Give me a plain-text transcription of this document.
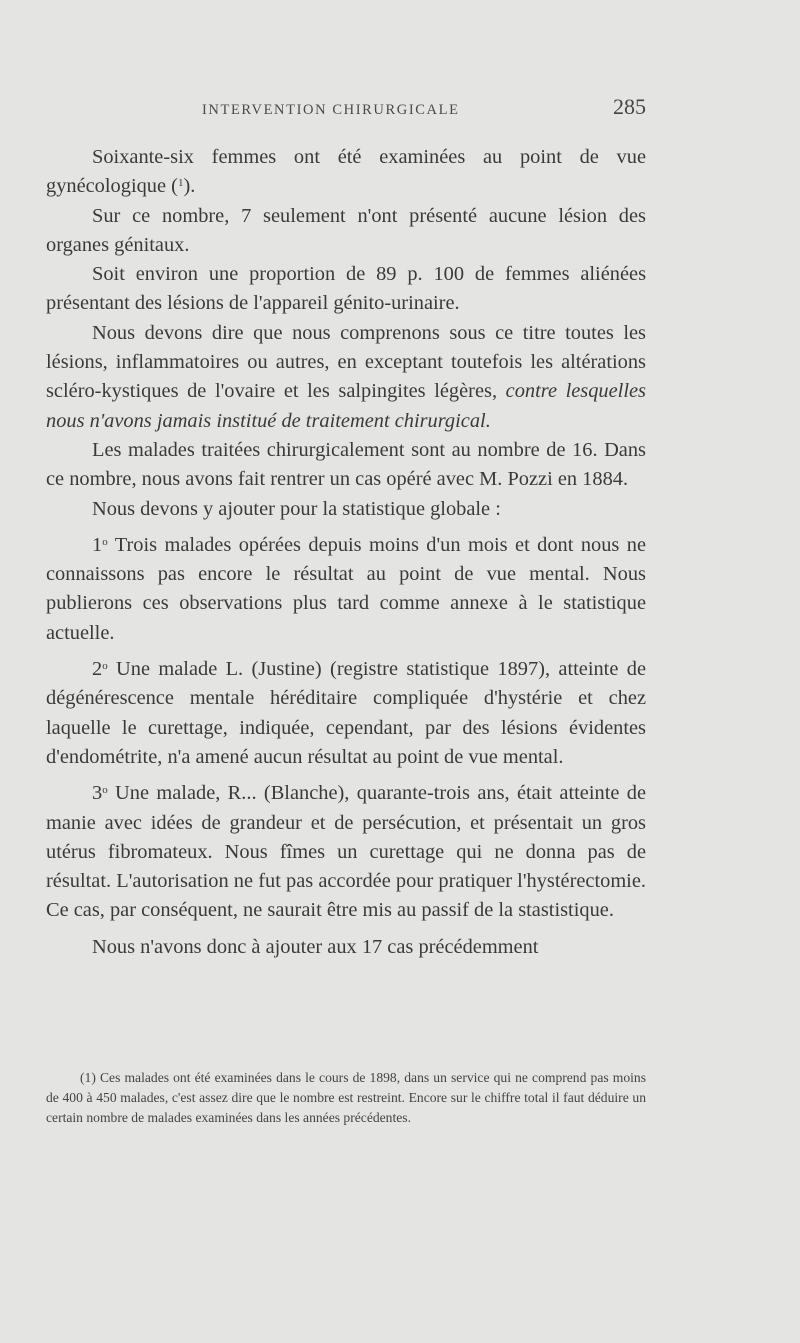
INTERVENTION CHIRURGICALE	285

Soixante-six femmes ont été examinées au point de vue gynécologique ($^1$).

Sur ce nombre, 7 seulement n'ont présenté aucune lésion des organes génitaux.

Soit environ une proportion de 89 p. 100 de femmes aliénées présentant des lésions de l'appareil génito-urinaire.

Nous devons dire que nous comprenons sous ce titre toutes les lésions, inflammatoires ou autres, en exceptant toutefois les altérations scléro-kystiques de l'ovaire et les salpingites légères, contre lesquelles nous n'avons jamais institué de traitement chirurgical.

Les malades traitées chirurgicalement sont au nombre de 16. Dans ce nombre, nous avons fait rentrer un cas opéré avec M. Pozzi en 1884.

Nous devons y ajouter pour la statistique globale :

1$^o$ Trois malades opérées depuis moins d'un mois et dont nous ne connaissons pas encore le résultat au point de vue mental. Nous publierons ces observations plus tard comme annexe à le statistique actuelle.

2$^o$ Une malade L. (Justine) (registre statistique 1897), atteinte de dégénérescence mentale héréditaire compliquée d'hystérie et chez laquelle le curettage, indiquée, cependant, par des lésions évidentes d'endométrite, n'a amené aucun résultat au point de vue mental.

3$^o$ Une malade, R... (Blanche), quarante-trois ans, était atteinte de manie avec idées de grandeur et de persécution, et présentait un gros utérus fibromateux. Nous fîmes un curettage qui ne donna pas de résultat. L'autorisation ne fut pas accordée pour pratiquer l'hystérectomie. Ce cas, par conséquent, ne saurait être mis au passif de la stastistique.

Nous n'avons donc à ajouter aux 17 cas précédemment

(1) Ces malades ont été examinées dans le cours de 1898, dans un service qui ne comprend pas moins de 400 à 450 malades, c'est assez dire que le nombre est restreint. Encore sur le chiffre total il faut déduire un certain nombre de malades examinées dans les années précédentes.
